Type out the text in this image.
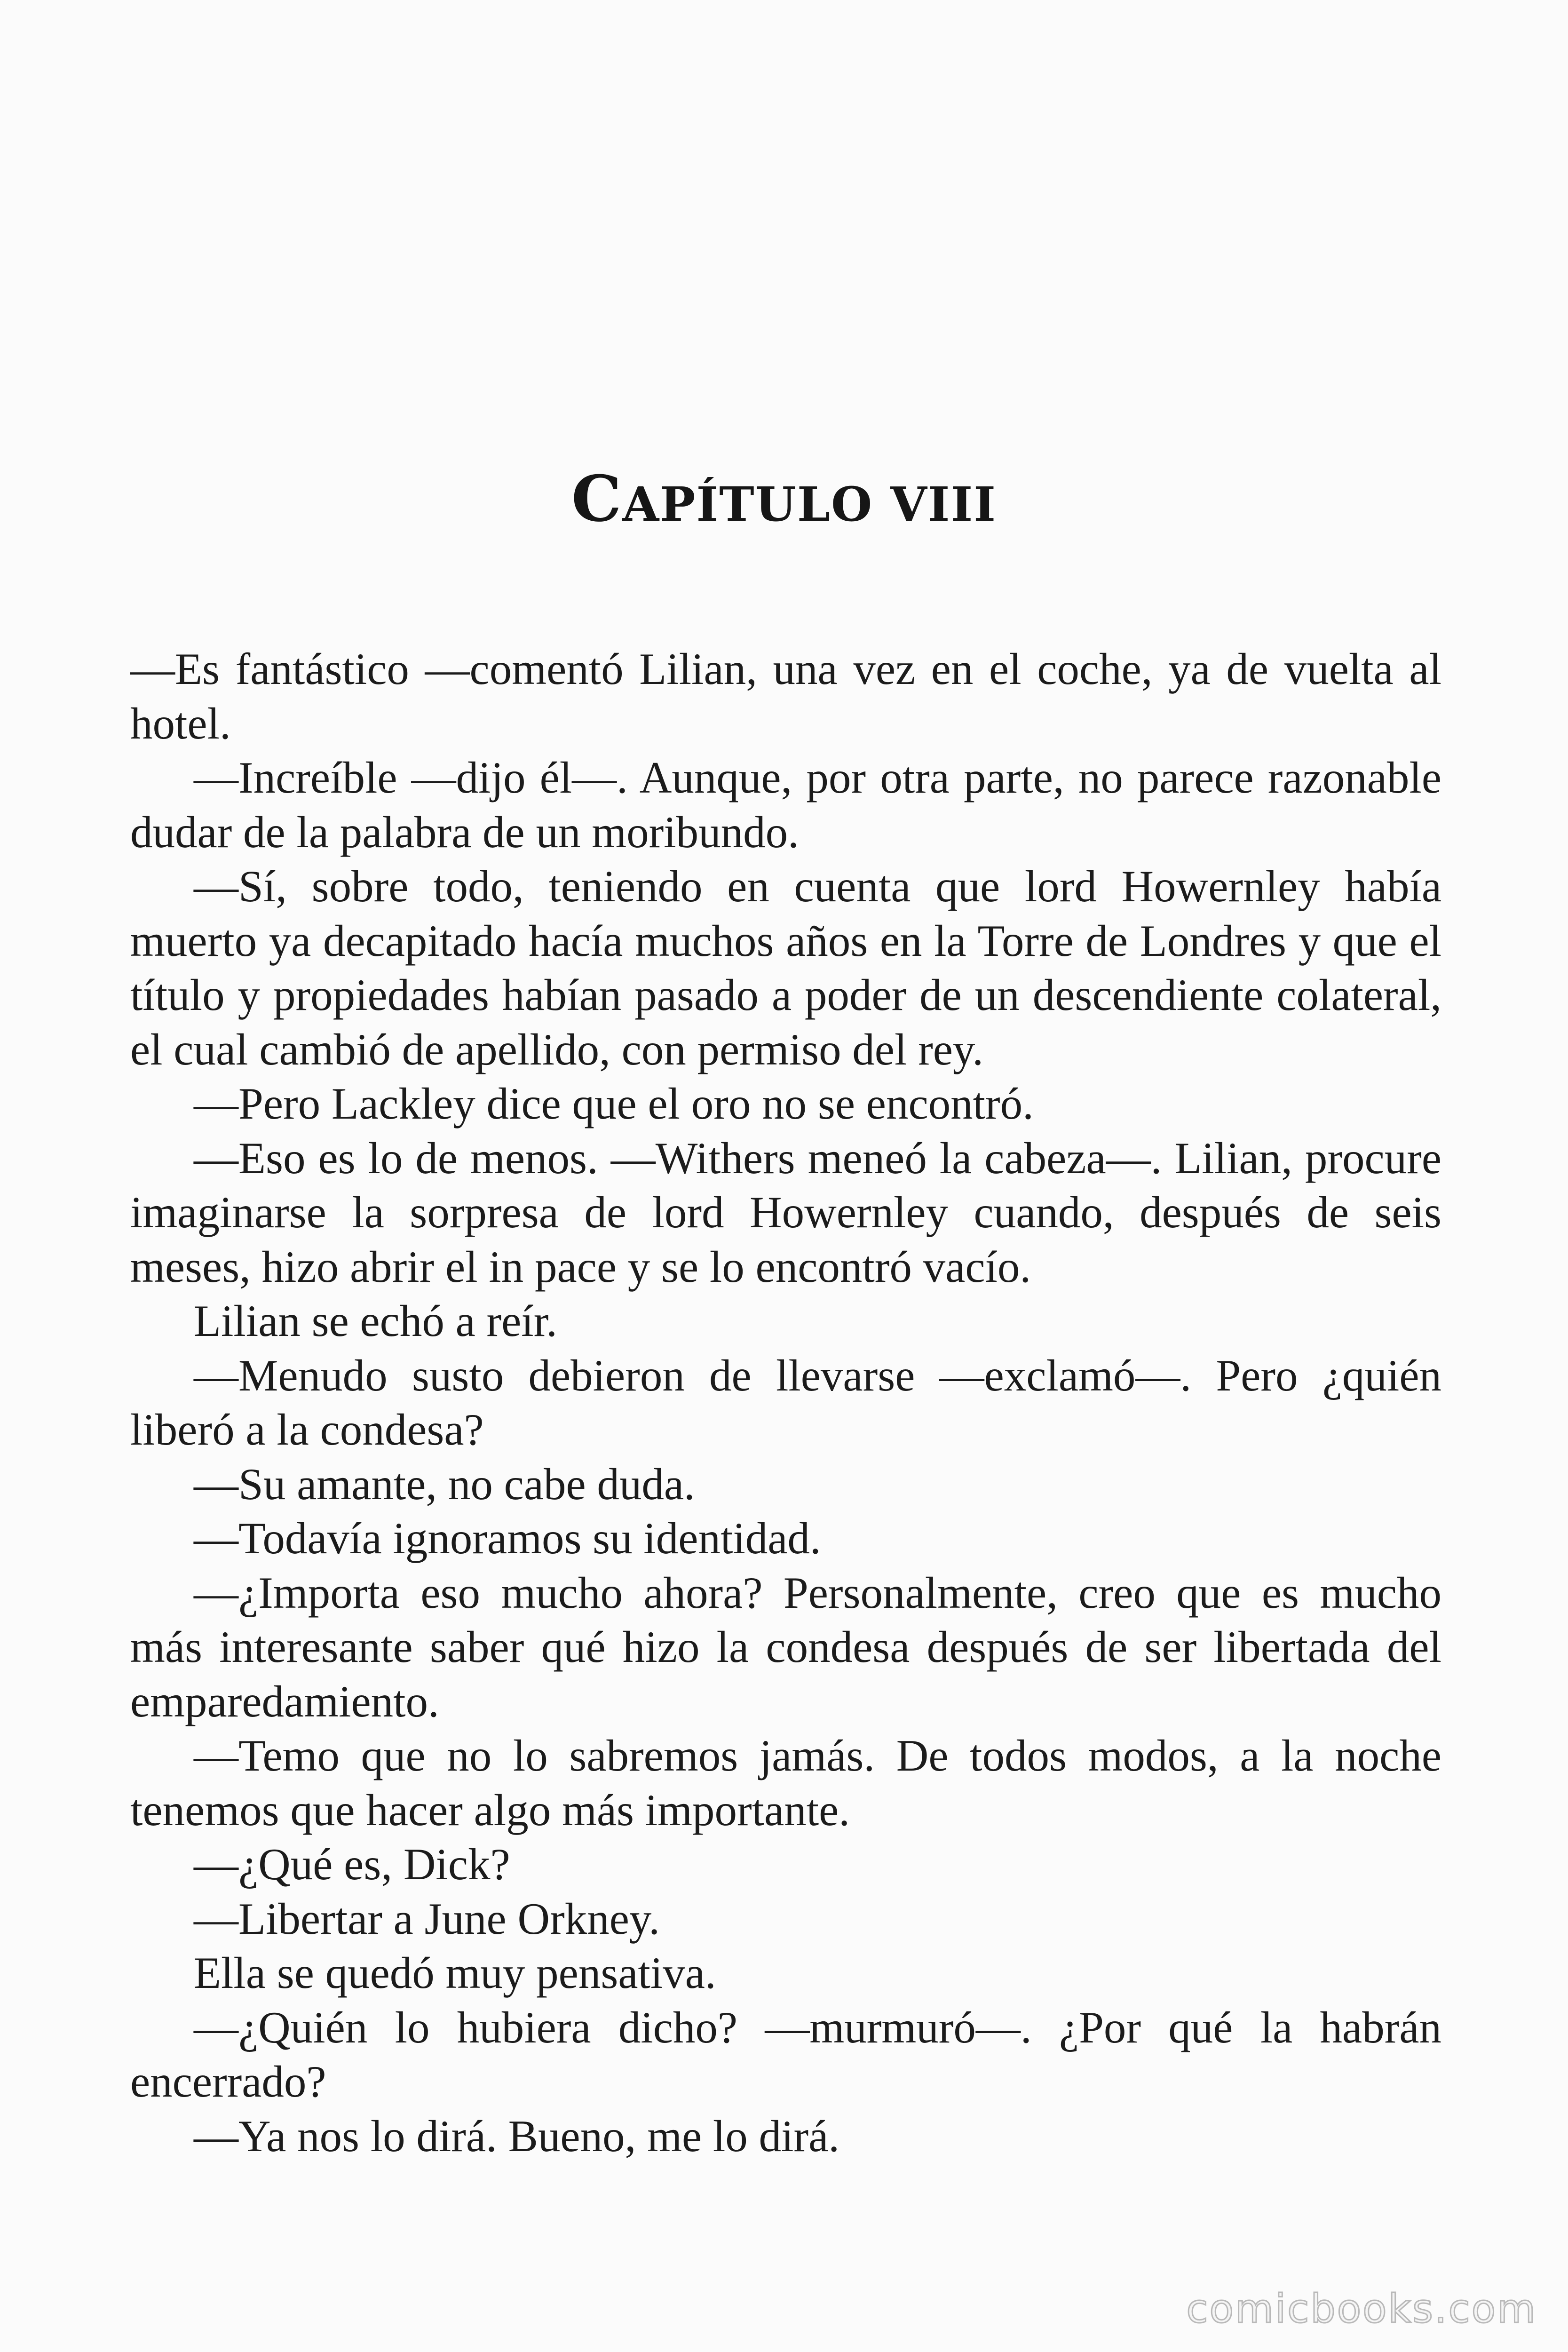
CAPÍTULO VIII

—Es fantástico —comentó Lilian, una vez en el coche, ya de vuelta al hotel.

—Increíble —dijo él—. Aunque, por otra parte, no parece razonable dudar de la palabra de un moribundo.

—Sí, sobre todo, teniendo en cuenta que lord Howernley había muerto ya decapitado hacía muchos años en la Torre de Londres y que el título y propiedades habían pasado a poder de un descendiente colateral, el cual cambió de apellido, con permiso del rey.

—Pero Lackley dice que el oro no se encontró.

—Eso es lo de menos. —Withers meneó la cabeza—. Lilian, procure imaginarse la sorpresa de lord Howernley cuando, después de seis meses, hizo abrir el in pace y se lo encontró vacío.

Lilian se echó a reír.

—Menudo susto debieron de llevarse —exclamó—. Pero ¿quién liberó a la condesa?

—Su amante, no cabe duda.

—Todavía ignoramos su identidad.

—¿Importa eso mucho ahora? Personalmente, creo que es mucho más interesante saber qué hizo la condesa después de ser libertada del emparedamiento.

—Temo que no lo sabremos jamás. De todos modos, a la noche tenemos que hacer algo más importante.

—¿Qué es, Dick?

—Libertar a June Orkney.

Ella se quedó muy pensativa.

—¿Quién lo hubiera dicho? —murmuró—. ¿Por qué la habrán encerrado?

—Ya nos lo dirá. Bueno, me lo dirá.

comicbooks.com
